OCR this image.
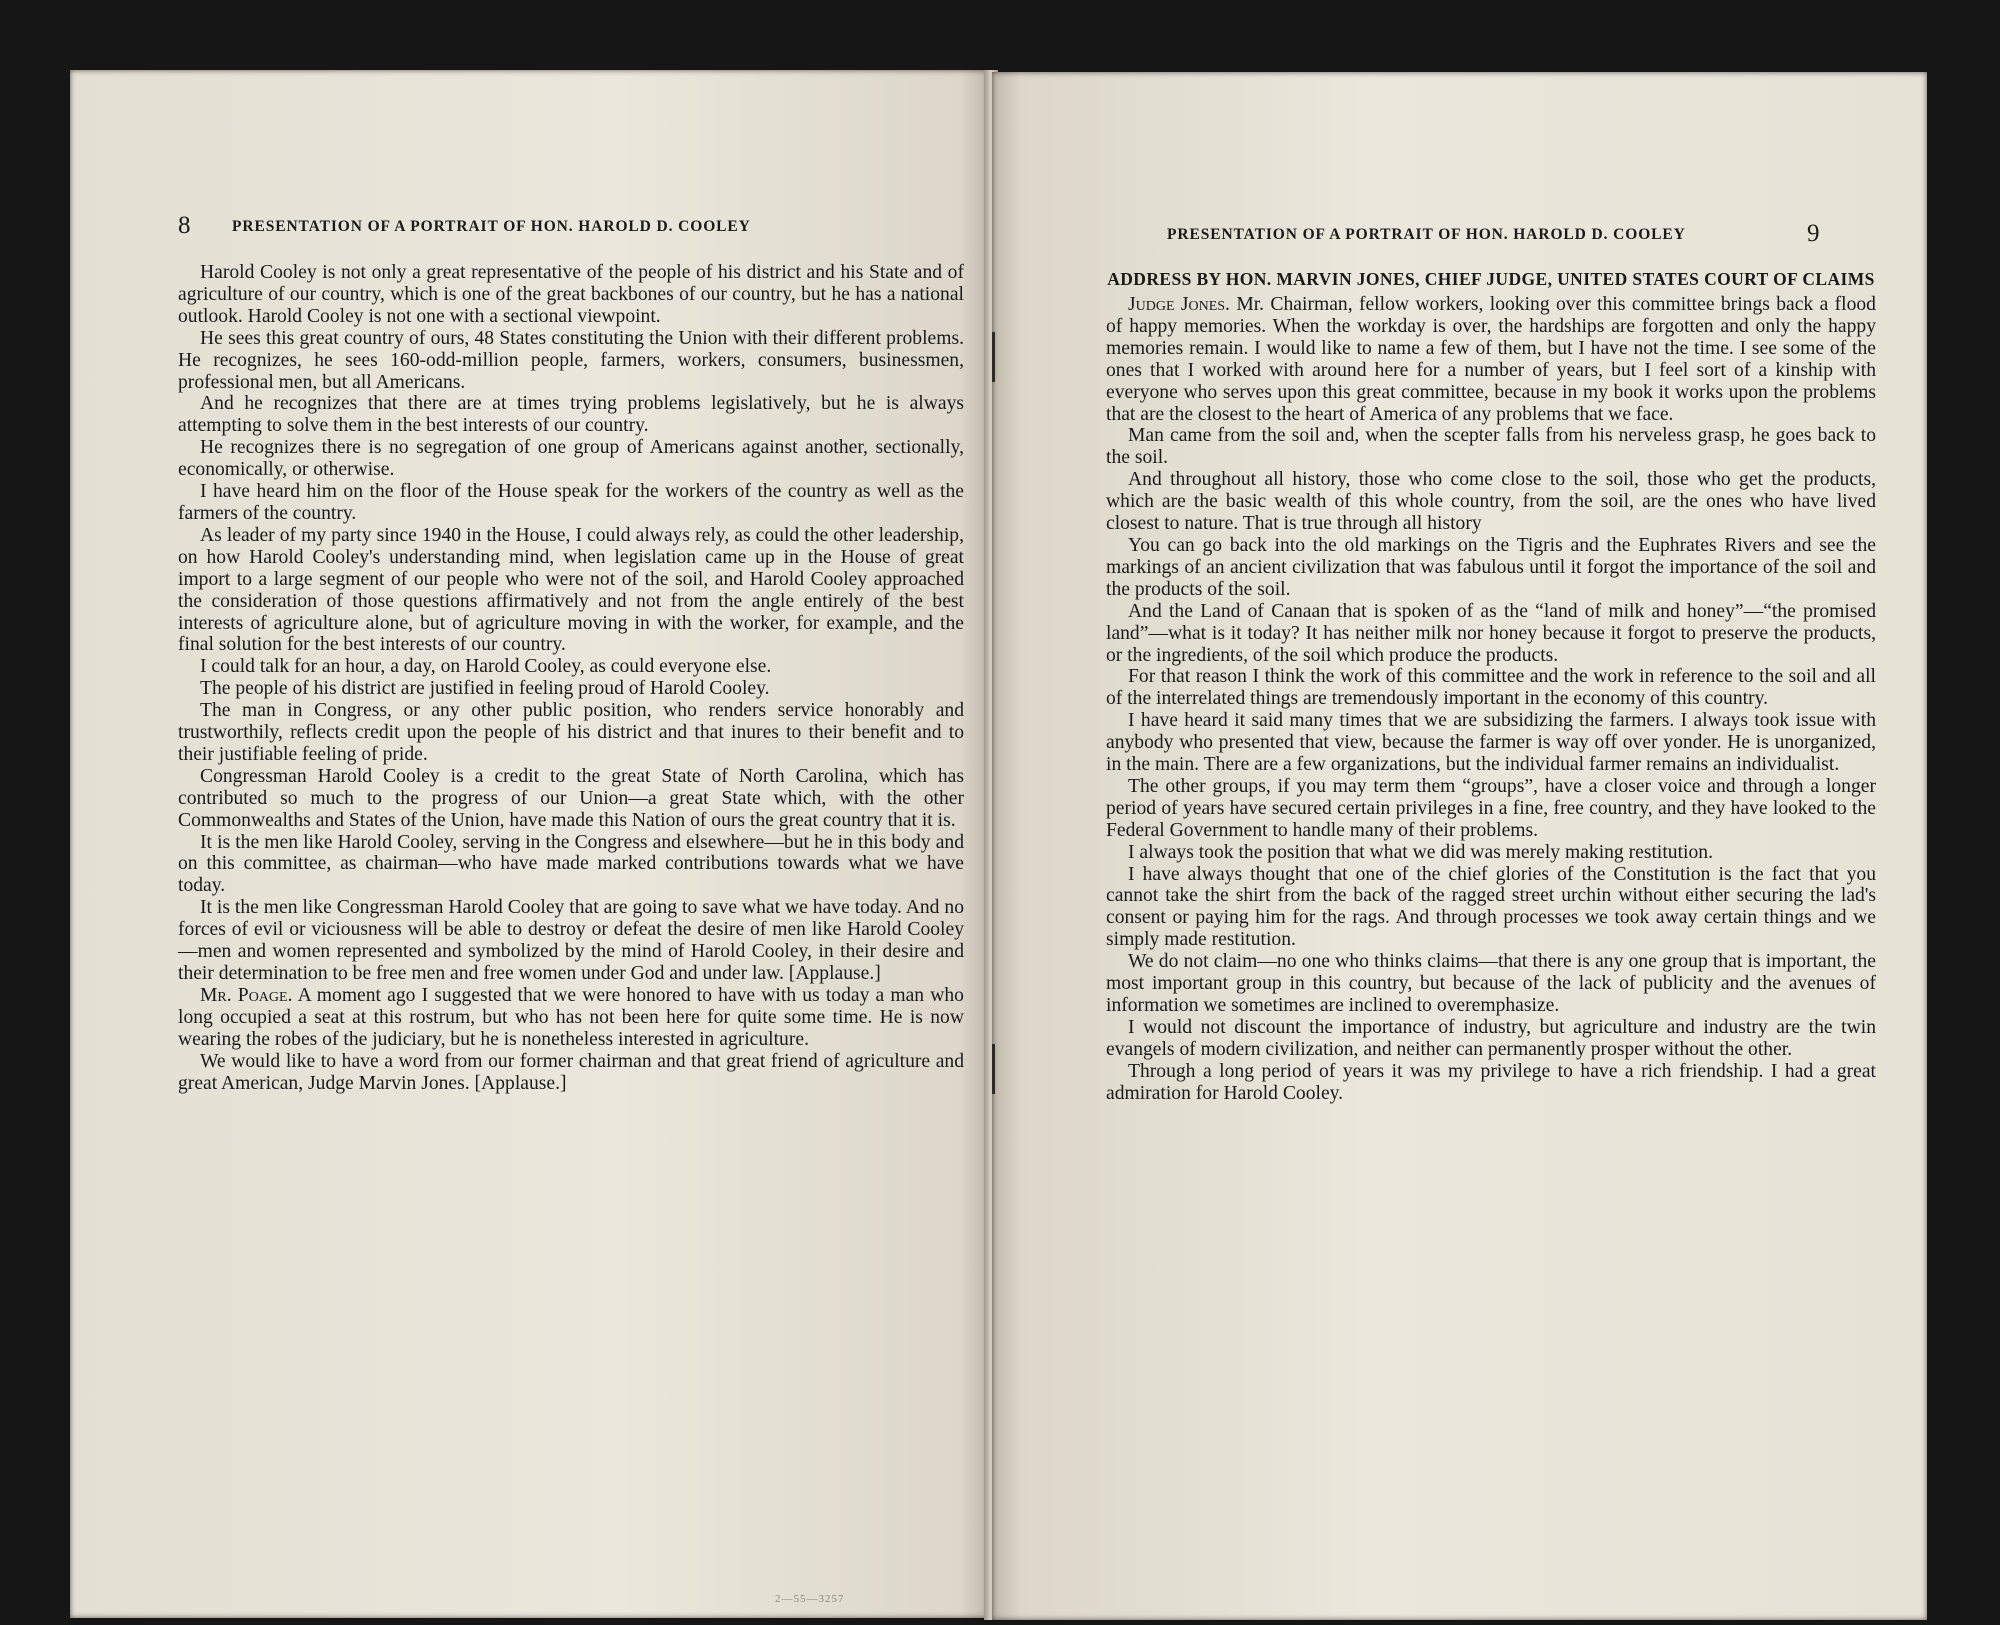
8	PRESENTATION OF A PORTRAIT OF HON. HAROLD D. COOLEY

Harold Cooley is not only a great representative of the people of his district and his State and of agriculture of our country, which is one of the great backbones of our country, but he has a national outlook. Harold Cooley is not one with a sectional viewpoint.

He sees this great country of ours, 48 States constituting the Union with their different problems. He recognizes, he sees 160-odd-million people, farmers, workers, consumers, businessmen, professional men, but all Americans.

And he recognizes that there are at times trying problems legislatively, but he is always attempting to solve them in the best interests of our country.

He recognizes there is no segregation of one group of Americans against another, sectionally, economically, or otherwise.

I have heard him on the floor of the House speak for the workers of the country as well as the farmers of the country.

As leader of my party since 1940 in the House, I could always rely, as could the other leadership, on how Harold Cooley's understanding mind, when legislation came up in the House of great import to a large segment of our people who were not of the soil, and Harold Cooley approached the consideration of those questions affirmatively and not from the angle entirely of the best interests of agriculture alone, but of agriculture moving in with the worker, for example, and the final solution for the best interests of our country.

I could talk for an hour, a day, on Harold Cooley, as could everyone else.

The people of his district are justified in feeling proud of Harold Cooley.

The man in Congress, or any other public position, who renders service honorably and trustworthily, reflects credit upon the people of his district and that inures to their benefit and to their justifiable feeling of pride.

Congressman Harold Cooley is a credit to the great State of North Carolina, which has contributed so much to the progress of our Union—a great State which, with the other Commonwealths and States of the Union, have made this Nation of ours the great country that it is.

It is the men like Harold Cooley, serving in the Congress and elsewhere—but he in this body and on this committee, as chairman—who have made marked contributions towards what we have today.

It is the men like Congressman Harold Cooley that are going to save what we have today. And no forces of evil or viciousness will be able to destroy or defeat the desire of men like Harold Cooley—men and women represented and symbolized by the mind of Harold Cooley, in their desire and their determination to be free men and free women under God and under law. [Applause.]

Mr. Poage. A moment ago I suggested that we were honored to have with us today a man who long occupied a seat at this rostrum, but who has not been here for quite some time. He is now wearing the robes of the judiciary, but he is nonetheless interested in agriculture.

We would like to have a word from our former chairman and that great friend of agriculture and great American, Judge Marvin Jones. [Applause.]

2—55—3257
PRESENTATION OF A PORTRAIT OF HON. HAROLD D. COOLEY	9
ADDRESS BY HON. MARVIN JONES, CHIEF JUDGE, UNITED STATES COURT OF CLAIMS

Judge Jones. Mr. Chairman, fellow workers, looking over this committee brings back a flood of happy memories. When the workday is over, the hardships are forgotten and only the happy memories remain. I would like to name a few of them, but I have not the time. I see some of the ones that I worked with around here for a number of years, but I feel sort of a kinship with everyone who serves upon this great committee, because in my book it works upon the problems that are the closest to the heart of America of any problems that we face.

Man came from the soil and, when the scepter falls from his nerveless grasp, he goes back to the soil.

And throughout all history, those who come close to the soil, those who get the products, which are the basic wealth of this whole country, from the soil, are the ones who have lived closest to nature. That is true through all history

You can go back into the old markings on the Tigris and the Euphrates Rivers and see the markings of an ancient civilization that was fabulous until it forgot the importance of the soil and the products of the soil.

And the Land of Canaan that is spoken of as the “land of milk and honey”—“the promised land”—what is it today? It has neither milk nor honey because it forgot to preserve the products, or the ingredients, of the soil which produce the products.

For that reason I think the work of this committee and the work in reference to the soil and all of the interrelated things are tremendously important in the economy of this country.

I have heard it said many times that we are subsidizing the farmers. I always took issue with anybody who presented that view, because the farmer is way off over yonder. He is unorganized, in the main. There are a few organizations, but the individual farmer remains an individualist.

The other groups, if you may term them “groups”, have a closer voice and through a longer period of years have secured certain privileges in a fine, free country, and they have looked to the Federal Government to handle many of their problems.

I always took the position that what we did was merely making restitution.

I have always thought that one of the chief glories of the Constitution is the fact that you cannot take the shirt from the back of the ragged street urchin without either securing the lad's consent or paying him for the rags. And through processes we took away certain things and we simply made restitution.

We do not claim—no one who thinks claims—that there is any one group that is important, the most important group in this country, but because of the lack of publicity and the avenues of information we sometimes are inclined to overemphasize.

I would not discount the importance of industry, but agriculture and industry are the twin evangels of modern civilization, and neither can permanently prosper without the other.

Through a long period of years it was my privilege to have a rich friendship. I had a great admiration for Harold Cooley.
